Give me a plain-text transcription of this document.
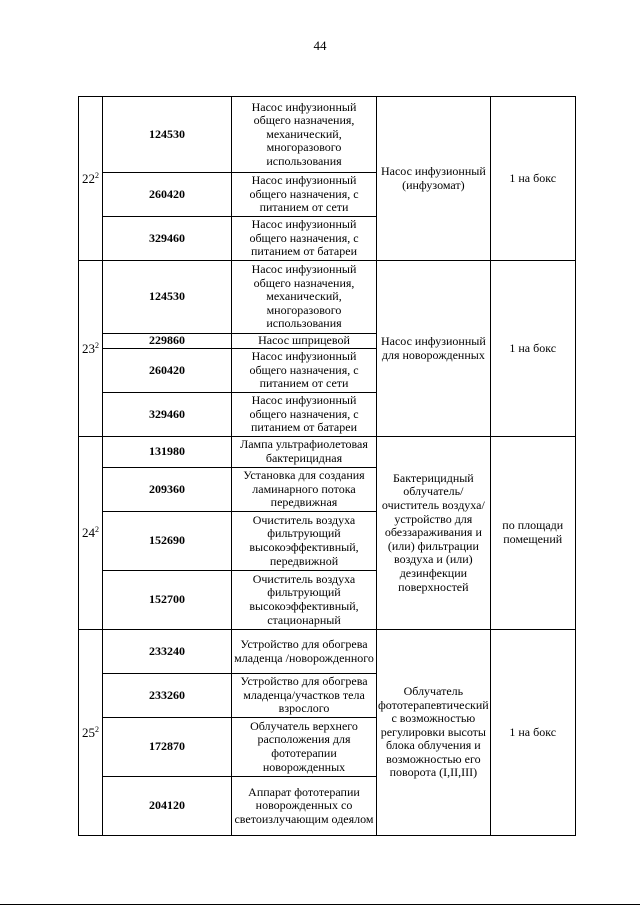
44
$22^2$	124530	Насос инфузионный общего назначения, механический, многоразового использования	Насос инфузионный (инфузомат)	1 на бокс
	260420	Насос инфузионный общего назначения, с питанием от сети		
	329460	Насос инфузионный общего назначения, с питанием от батареи		
$23^2$	124530	Насос инфузионный общего назначения, механический, многоразового использования	Насос инфузионный для новорожденных	1 на бокс
	229860	Насос шприцевой		
	260420	Насос инфузионный общего назначения, с питанием от сети		
	329460	Насос инфузионный общего назначения, с питанием от батареи		
$24^2$	131980	Лампа ультрафиолетовая бактерицидная	Бактерицидный облучатель/ очиститель воздуха/ устройство для обеззараживания и (или) фильтрации воздуха и (или) дезинфекции поверхностей	по площади помещений
	209360	Установка для создания ламинарного потока передвижная		
	152690	Очиститель воздуха фильтрующий высокоэффективный, передвижной		
	152700	Очиститель воздуха фильтрующий высокоэффективный, стационарный		
$25^2$	233240	Устройство для обогрева младенца /новорожденного	Облучатель фототерапевтический с возможностью регулировки высоты блока облучения и возможностью его поворота (I,II,III)	1 на бокс
	233260	Устройство для обогрева младенца/участков тела взрослого		
	172870	Облучатель верхнего расположения для фототерапии новорожденных		
	204120	Аппарат фототерапии новорожденных со светоизлучающим одеялом		
